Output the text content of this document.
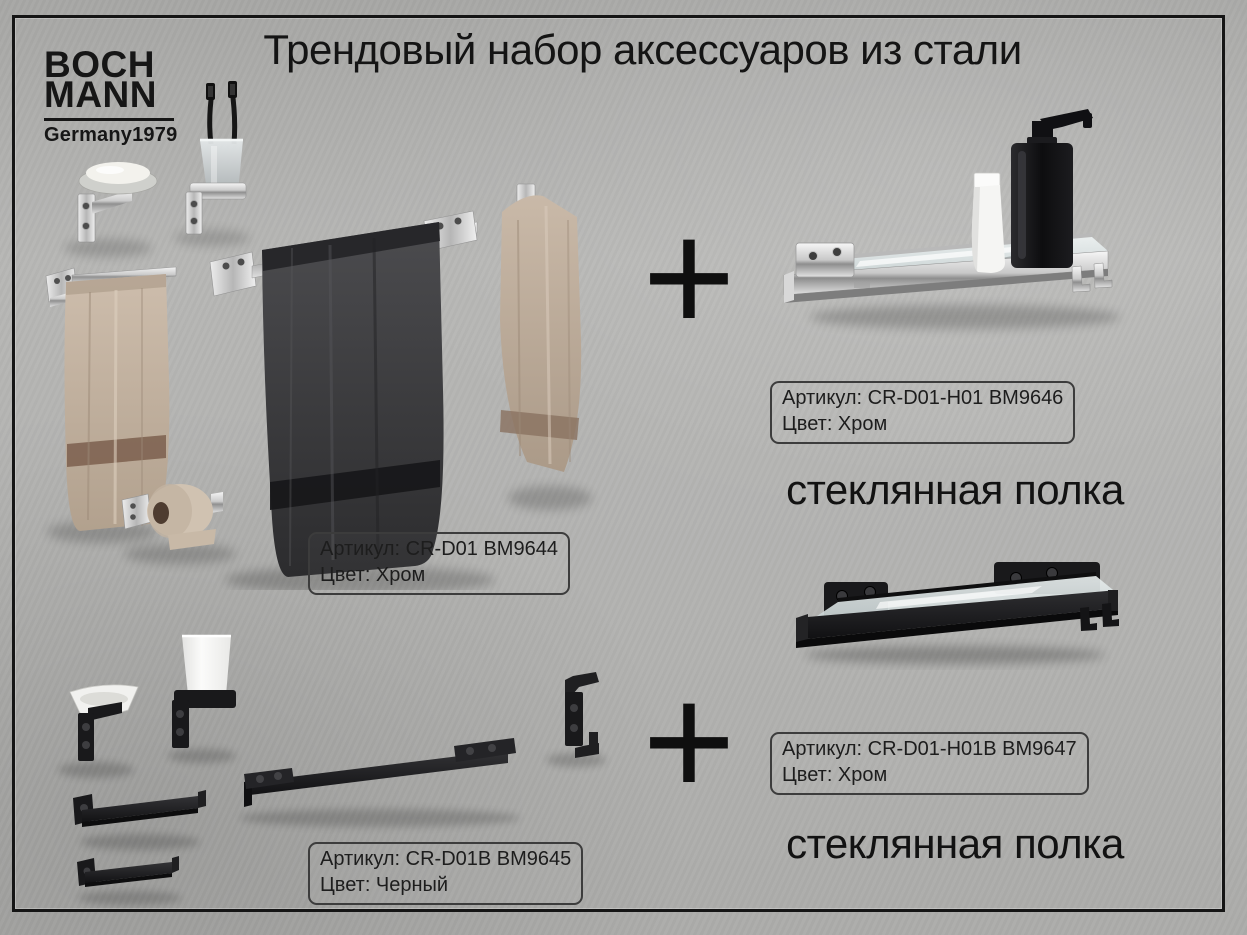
BOCH
MANN
Germany1979
Трендовый набор аксессуаров из стали
+
Артикул: CR-D01-H01 BM9646
Цвет: Хром
стеклянная полка
+	Артикул: CR-D01-H01B BM9647
Цвет: Хром
стеклянная полка
Артикул: CR-D01 BM9644
Цвет: Хром
Артикул: CR-D01B BM9645
Цвет: Черный
